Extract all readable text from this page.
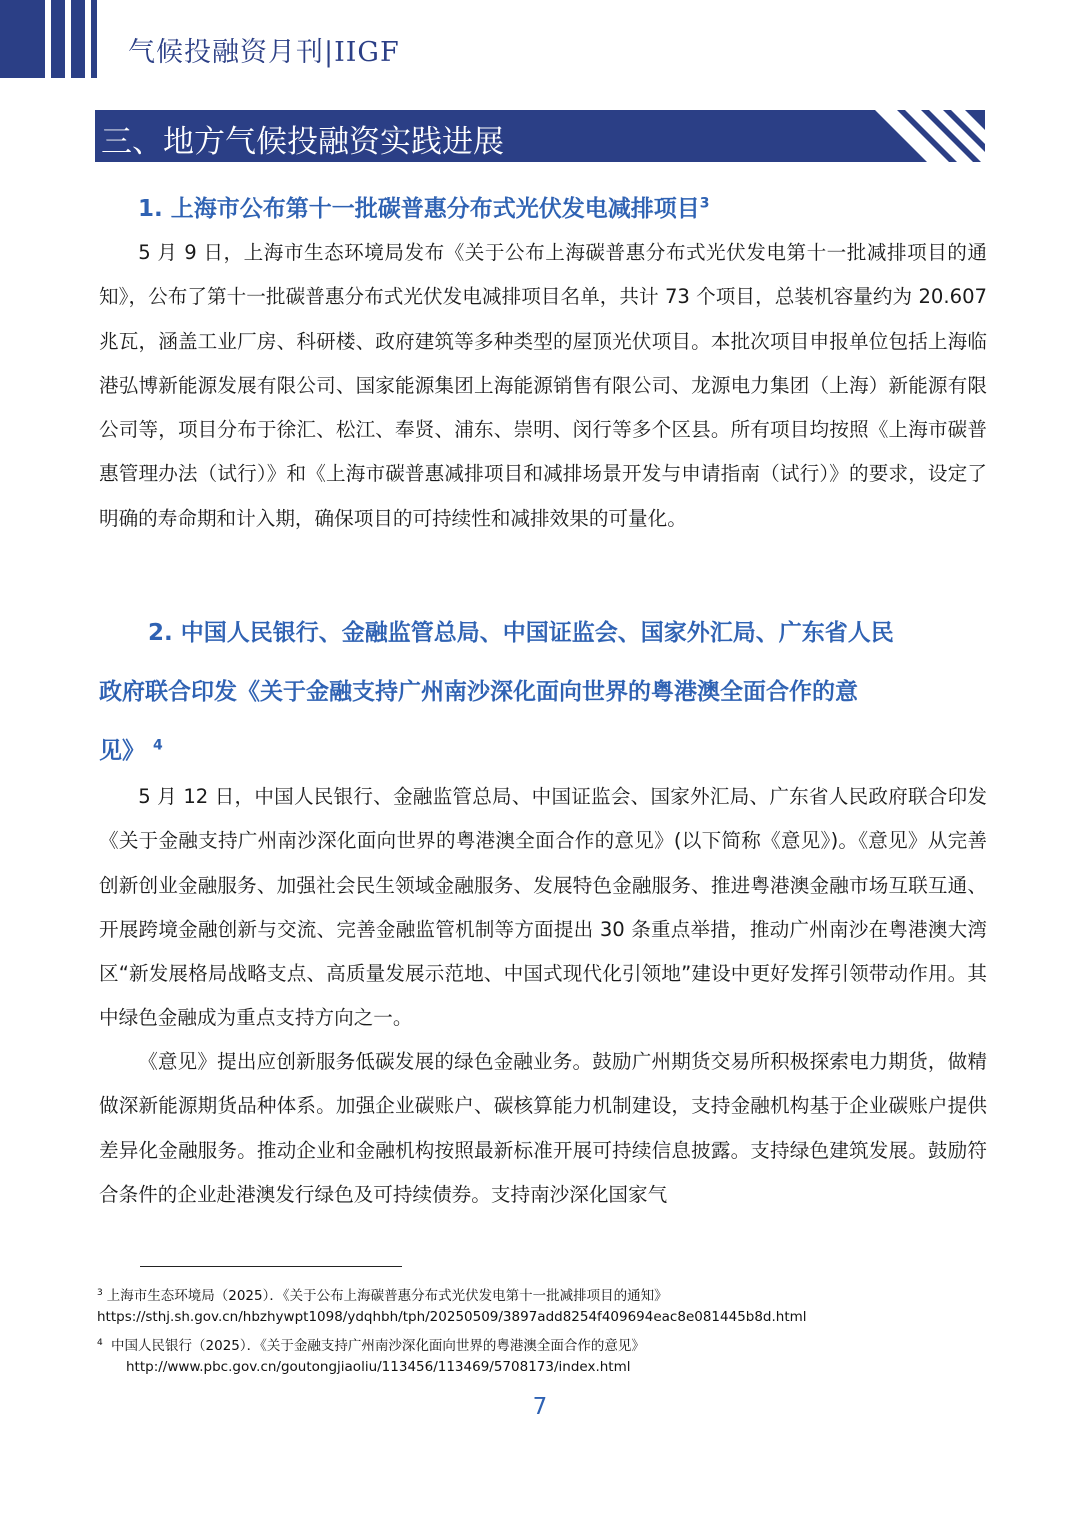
气候投融资月刊|IIGF
三、地方气候投融资实践进展
1. 上海市公布第十一批碳普惠分布式光伏发电减排项目$^3$

5 月 9 日，上海市生态环境局发布《关于公布上海碳普惠分布式光伏发电第十一批减排项目的通知》，公布了第十一批碳普惠分布式光伏发电减排项目名单，共计 73 个项目，总装机容量约为 20.607 兆瓦，涵盖工业厂房、科研楼、政府建筑等多种类型的屋顶光伏项目。本批次项目申报单位包括上海临港弘博新能源发展有限公司、国家能源集团上海能源销售有限公司、龙源电力集团（上海）新能源有限公司等，项目分布于徐汇、松江、奉贤、浦东、崇明、闵行等多个区县。所有项目均按照《上海市碳普惠管理办法（试行）》和《上海市碳普惠减排项目和减排场景开发与申请指南（试行）》的要求，设定了明确的寿命期和计入期，确保项目的可持续性和减排效果的可量化。

2. 中国人民银行、金融监管总局、中国证监会、国家外汇局、广东省人民
政府联合印发《关于金融支持广州南沙深化面向世界的粤港澳全面合作的意
见》 $^4$

5 月 12 日，中国人民银行、金融监管总局、中国证监会、国家外汇局、广东省人民政府联合印发《关于金融支持广州南沙深化面向世界的粤港澳全面合作的意见》(以下简称《意见》)。《意见》从完善创新创业金融服务、加强社会民生领域金融服务、发展特色金融服务、推进粤港澳金融市场互联互通、开展跨境金融创新与交流、完善金融监管机制等方面提出 30 条重点举措，推动广州南沙在粤港澳大湾区“新发展格局战略支点、高质量发展示范地、中国式现代化引领地”建设中更好发挥引领带动作用。其中绿色金融成为重点支持方向之一。

《意见》提出应创新服务低碳发展的绿色金融业务。鼓励广州期货交易所积极探索电力期货，做精做深新能源期货品种体系。加强企业碳账户、碳核算能力机制建设，支持金融机构基于企业碳账户提供差异化金融服务。推动企业和金融机构按照最新标准开展可持续信息披露。支持绿色建筑发展。鼓励符合条件的企业赴港澳发行绿色及可持续债券。支持南沙深化国家气

$^3$ 上海市生态环境局（2025）．《关于公布上海碳普惠分布式光伏发电第十一批减排项目的通知》
https://sthj.sh.gov.cn/hbzhywpt1098/ydqhbh/tph/20250509/3897add8254f409694eac8e081445b8d.html
$^4$ 中国人民银行（2025）．《关于金融支持广州南沙深化面向世界的粤港澳全面合作的意见》
http://www.pbc.gov.cn/goutongjiaoliu/113456/113469/5708173/index.html
7
